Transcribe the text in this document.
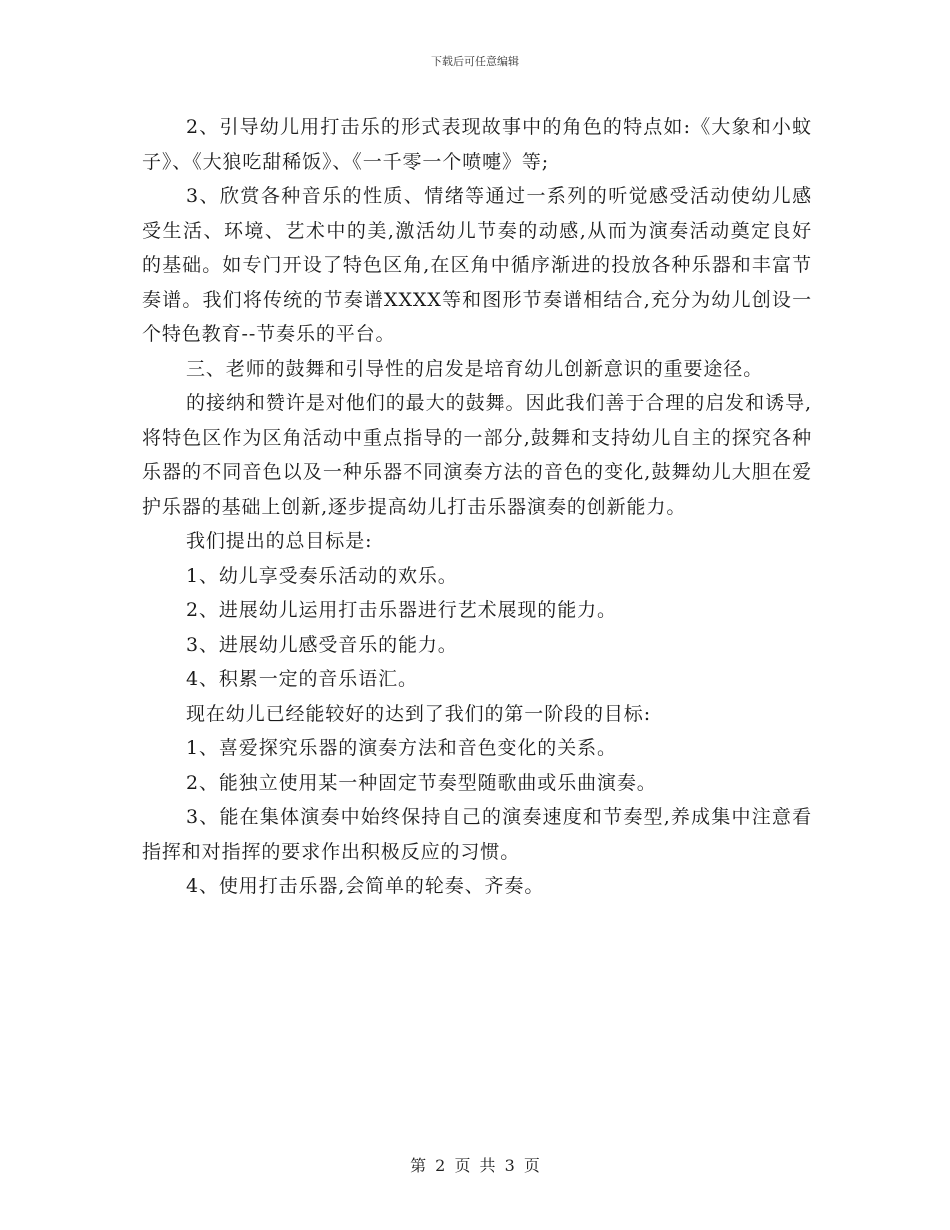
下载后可任意编辑

2、引导幼儿用打击乐的形式表现故事中的角色的特点如:《大象和小蚊子》、《大狼吃甜稀饭》、《一千零一个喷嚏》等;

3、欣赏各种音乐的性质、情绪等通过一系列的听觉感受活动使幼儿感受生活、环境、艺术中的美,激活幼儿节奏的动感,从而为演奏活动奠定良好的基础。如专门开设了特色区角,在区角中循序渐进的投放各种乐器和丰富节奏谱。我们将传统的节奏谱XXXX等和图形节奏谱相结合,充分为幼儿创设一个特色教育--节奏乐的平台。

三、老师的鼓舞和引导性的启发是培育幼儿创新意识的重要途径。

的接纳和赞许是对他们的最大的鼓舞。因此我们善于合理的启发和诱导,将特色区作为区角活动中重点指导的一部分,鼓舞和支持幼儿自主的探究各种乐器的不同音色以及一种乐器不同演奏方法的音色的变化,鼓舞幼儿大胆在爱护乐器的基础上创新,逐步提高幼儿打击乐器演奏的创新能力。

我们提出的总目标是:

1、幼儿享受奏乐活动的欢乐。

2、进展幼儿运用打击乐器进行艺术展现的能力。

3、进展幼儿感受音乐的能力。

4、积累一定的音乐语汇。

现在幼儿已经能较好的达到了我们的第一阶段的目标:

1、喜爱探究乐器的演奏方法和音色变化的关系。

2、能独立使用某一种固定节奏型随歌曲或乐曲演奏。

3、能在集体演奏中始终保持自己的演奏速度和节奏型,养成集中注意看指挥和对指挥的要求作出积极反应的习惯。

4、使用打击乐器,会简单的轮奏、齐奏。

第 2 页 共 3 页
